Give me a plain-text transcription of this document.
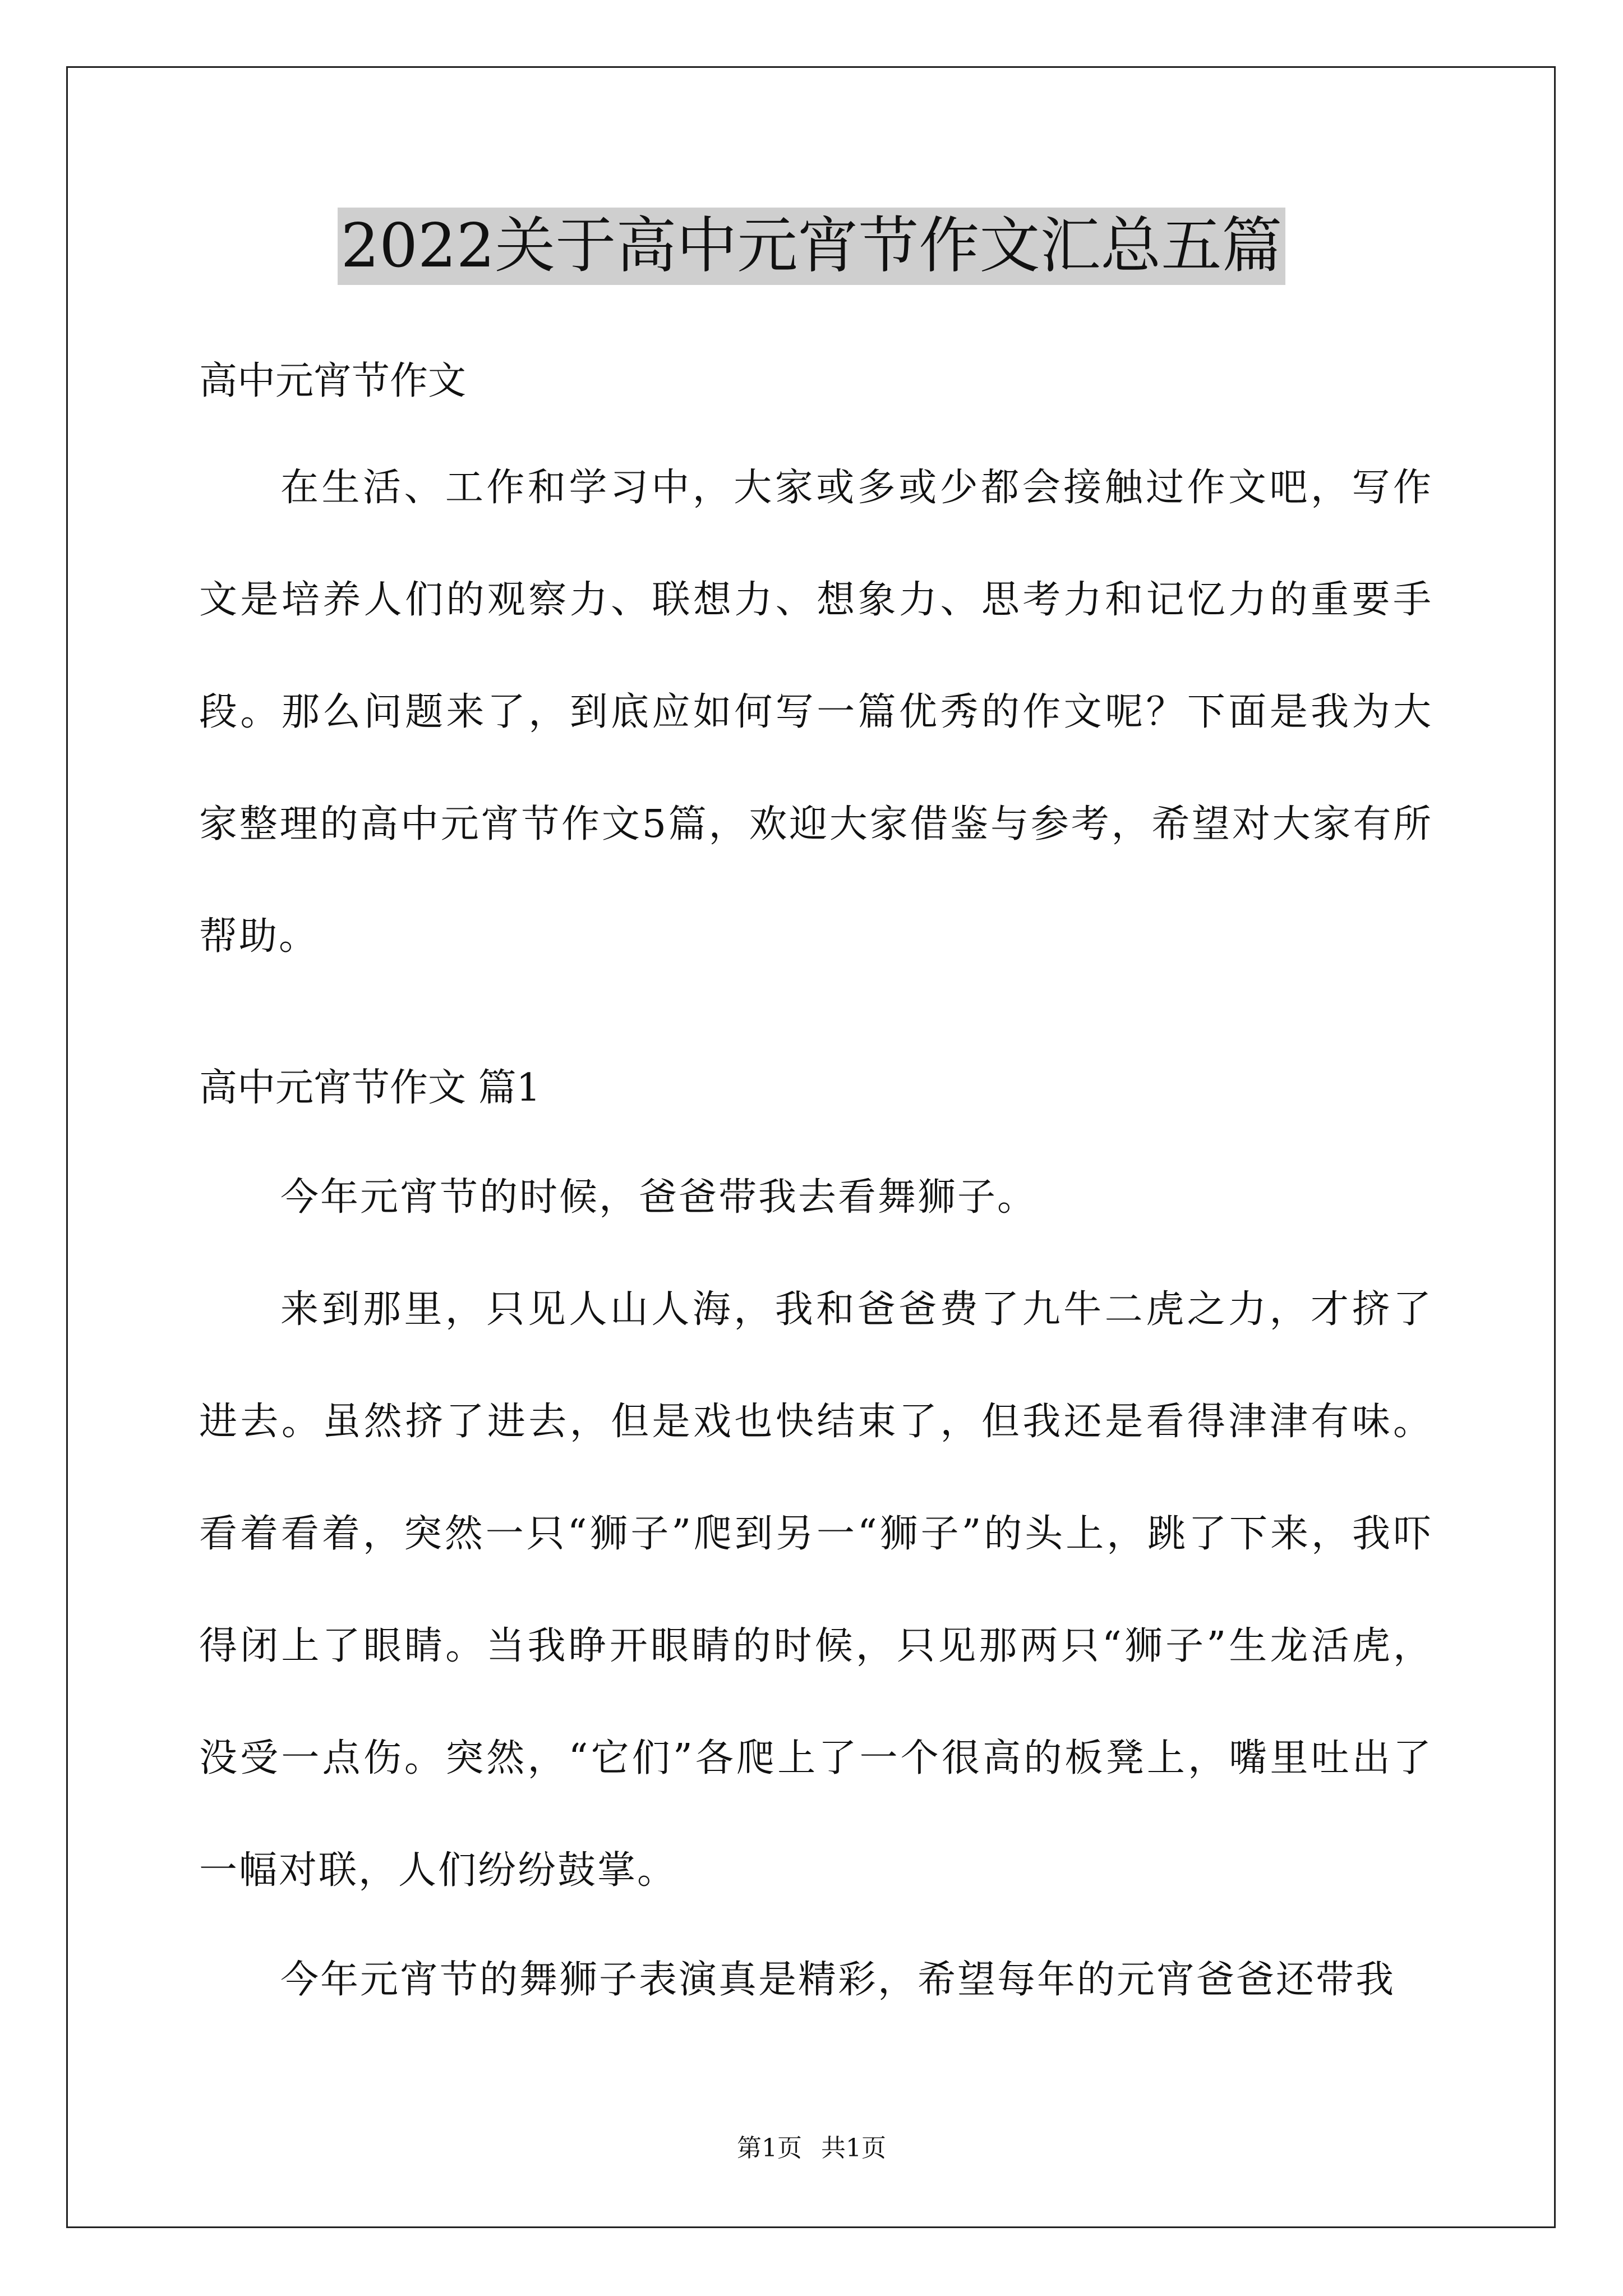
2022关于高中元宵节作文汇总五篇

高中元宵节作文

在生活、工作和学习中，大家或多或少都会接触过作文吧，写作文是培养人们的观察力、联想力、想象力、思考力和记忆力的重要手段。那么问题来了，到底应如何写一篇优秀的作文呢？下面是我为大家整理的高中元宵节作文5篇，欢迎大家借鉴与参考，希望对大家有所帮助。

高中元宵节作文 篇1

今年元宵节的时候，爸爸带我去看舞狮子。

来到那里，只见人山人海，我和爸爸费了九牛二虎之力，才挤了进去。虽然挤了进去，但是戏也快结束了，但我还是看得津津有味。看着看着，突然一只“狮子”爬到另一“狮子”的头上，跳了下来，我吓得闭上了眼睛。当我睁开眼睛的时候，只见那两只“狮子”生龙活虎，没受一点伤。突然，“它们”各爬上了一个很高的板凳上，嘴里吐出了一幅对联，人们纷纷鼓掌。

今年元宵节的舞狮子表演真是精彩，希望每年的元宵爸爸还带我

第1页 共1页
